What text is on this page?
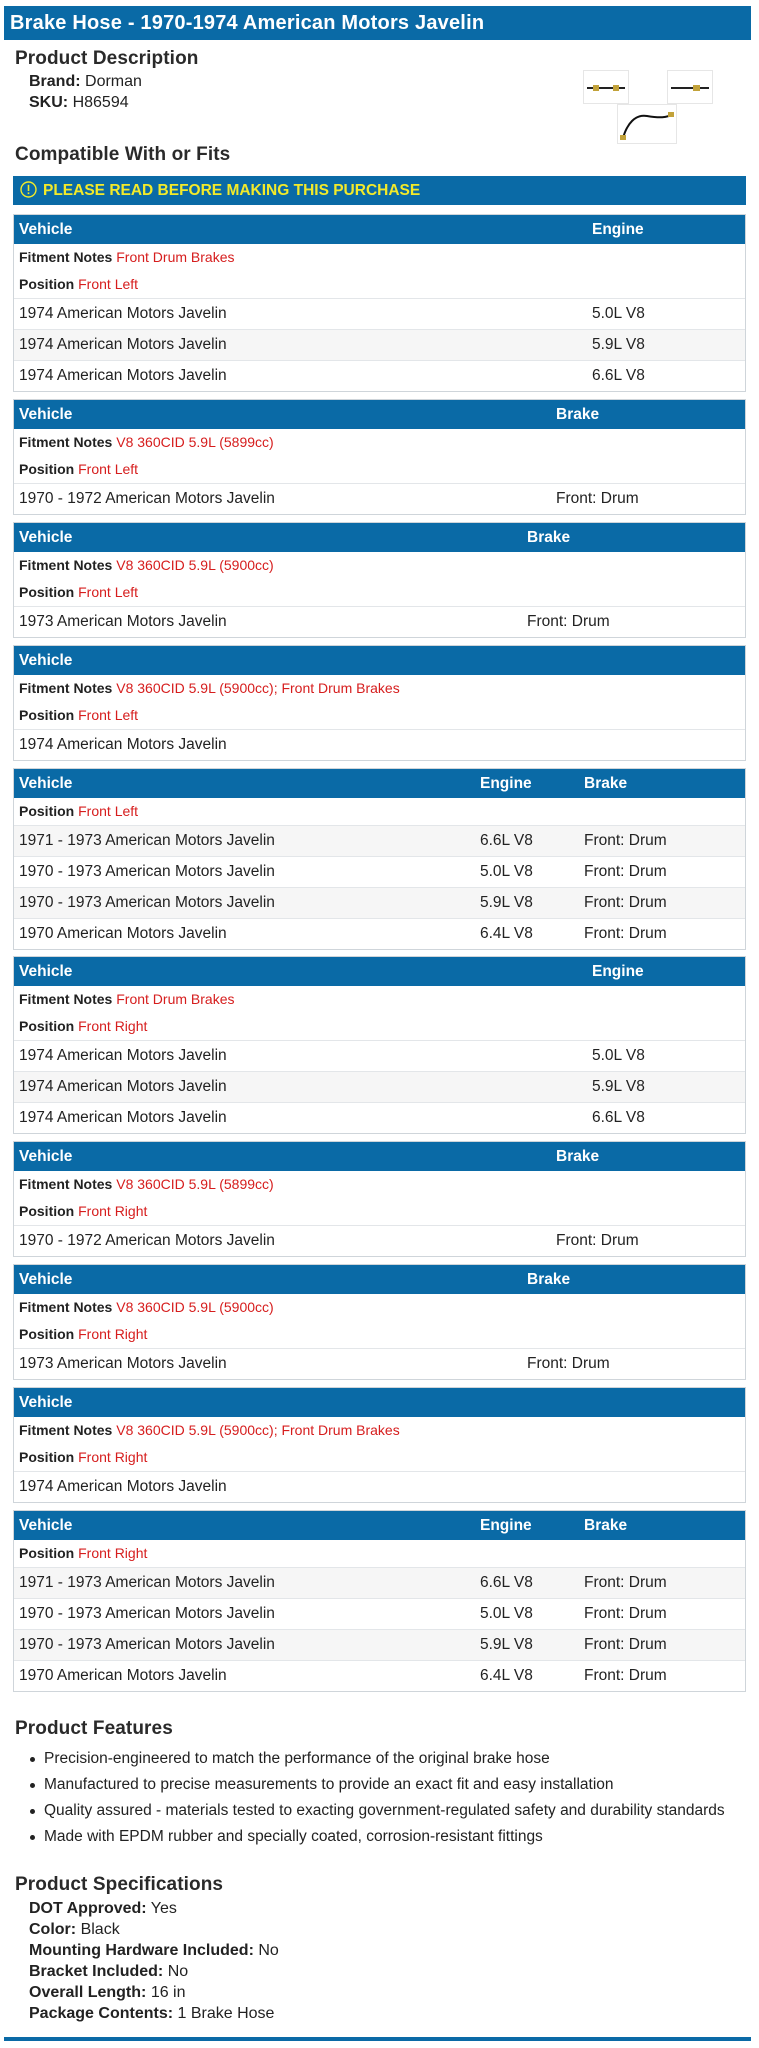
Brake Hose - 1970-1974 American Motors Javelin
Product Description
Brand: Dorman
SKU: H86594
Compatible With or Fits
PLEASE READ BEFORE MAKING THIS PURCHASE
Vehicle	Engine
Fitment Notes Front Drum Brakes
Position Front Left
1974 American Motors Javelin	5.0L V8
1974 American Motors Javelin	5.9L V8
1974 American Motors Javelin	6.6L V8
Vehicle	Brake
Fitment Notes V8 360CID 5.9L (5899cc)
Position Front Left
1970 - 1972 American Motors Javelin	Front: Drum
Vehicle	Brake
Fitment Notes V8 360CID 5.9L (5900cc)
Position Front Left
1973 American Motors Javelin	Front: Drum
Vehicle
Fitment Notes V8 360CID 5.9L (5900cc); Front Drum Brakes
Position Front Left
1974 American Motors Javelin
Vehicle	Engine	Brake
Position Front Left
1971 - 1973 American Motors Javelin	6.6L V8	Front: Drum
1970 - 1973 American Motors Javelin	5.0L V8	Front: Drum
1970 - 1973 American Motors Javelin	5.9L V8	Front: Drum
1970 American Motors Javelin	6.4L V8	Front: Drum
Vehicle	Engine
Fitment Notes Front Drum Brakes
Position Front Right
1974 American Motors Javelin	5.0L V8
1974 American Motors Javelin	5.9L V8
1974 American Motors Javelin	6.6L V8
Vehicle	Brake
Fitment Notes V8 360CID 5.9L (5899cc)
Position Front Right
1970 - 1972 American Motors Javelin	Front: Drum
Vehicle	Brake
Fitment Notes V8 360CID 5.9L (5900cc)
Position Front Right
1973 American Motors Javelin	Front: Drum
Vehicle
Fitment Notes V8 360CID 5.9L (5900cc); Front Drum Brakes
Position Front Right
1974 American Motors Javelin
Vehicle	Engine	Brake
Position Front Right
1971 - 1973 American Motors Javelin	6.6L V8	Front: Drum
1970 - 1973 American Motors Javelin	5.0L V8	Front: Drum
1970 - 1973 American Motors Javelin	5.9L V8	Front: Drum
1970 American Motors Javelin	6.4L V8	Front: Drum
Product Features
Precision-engineered to match the performance of the original brake hose
Manufactured to precise measurements to provide an exact fit and easy installation
Quality assured - materials tested to exacting government-regulated safety and durability standards
Made with EPDM rubber and specially coated, corrosion-resistant fittings
Product Specifications
DOT Approved: Yes
Color: Black
Mounting Hardware Included: No
Bracket Included: No
Overall Length: 16 in
Package Contents: 1 Brake Hose
